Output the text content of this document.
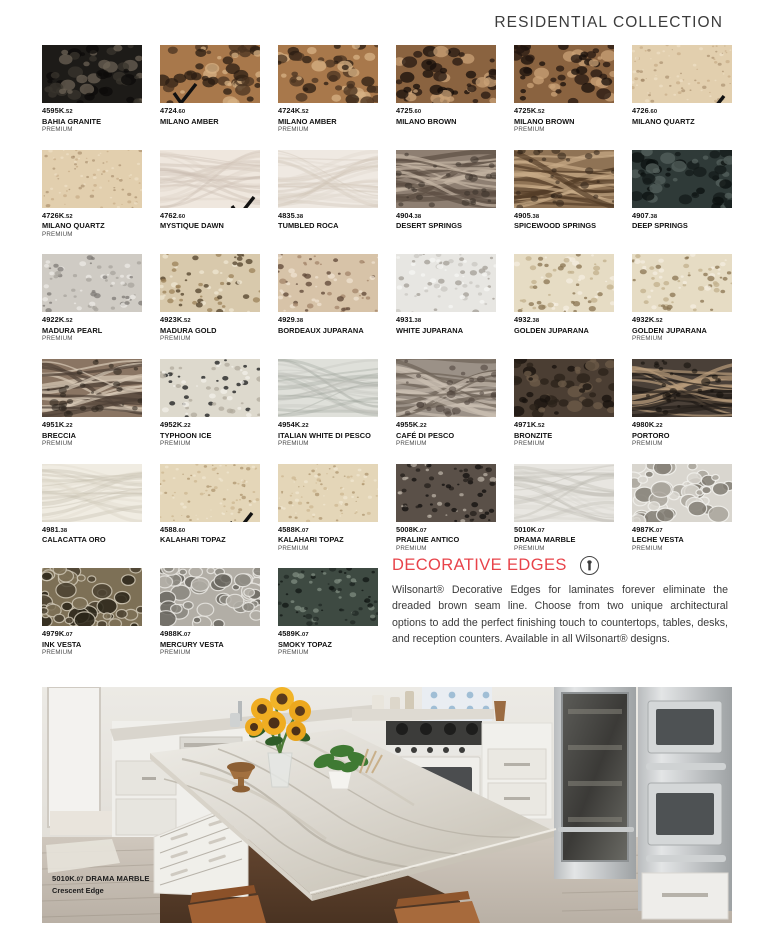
RESIDENTIAL COLLECTION
4595K.52
BAHIA GRANITE
PREMIUM
4724.60
MILANO AMBER
4724K.52
MILANO AMBER
PREMIUM
4725.60
MILANO BROWN
4725K.52
MILANO BROWN
PREMIUM
4726.60
MILANO QUARTZ
4726K.52
MILANO QUARTZ
PREMIUM
4762.60
MYSTIQUE DAWN
4835.38
TUMBLED ROCA
4904.38
DESERT SPRINGS
4905.38
SPICEWOOD SPRINGS
4907.38
DEEP SPRINGS
4922K.52
MADURA PEARL
PREMIUM
4923K.52
MADURA GOLD
PREMIUM
4929.38
BORDEAUX JUPARANA
4931.38
WHITE JUPARANA
4932.38
GOLDEN JUPARANA
4932K.52
GOLDEN JUPARANA
PREMIUM
4951K.22
BRECCIA
PREMIUM
4952K.22
TYPHOON ICE
PREMIUM
4954K.22
ITALIAN WHITE DI PESCO
PREMIUM
4955K.22
CAFÉ DI PESCO
PREMIUM
4971K.52
BRONZITE
PREMIUM
4980K.22
PORTORO
PREMIUM
4981.38
CALACATTA ORO
4588.60
KALAHARI TOPAZ
4588K.07
KALAHARI TOPAZ
PREMIUM
5008K.07
PRALINE ANTICO
PREMIUM
5010K.07
DRAMA MARBLE
PREMIUM
4987K.07
LECHE VESTA
PREMIUM
4979K.07
INK VESTA
PREMIUM
4988K.07
MERCURY VESTA
PREMIUM
4589K.07
SMOKY TOPAZ
PREMIUM
DECORATIVE EDGES
Wilsonart® Decorative Edges for laminates forever eliminate the dreaded brown seam line. Choose from two unique architectural options to add the perfect finishing touch to countertops, tables, desks, and reception counters. Available in all Wilsonart® designs.
5010K.07 DRAMA MARBLE
Crescent Edge
